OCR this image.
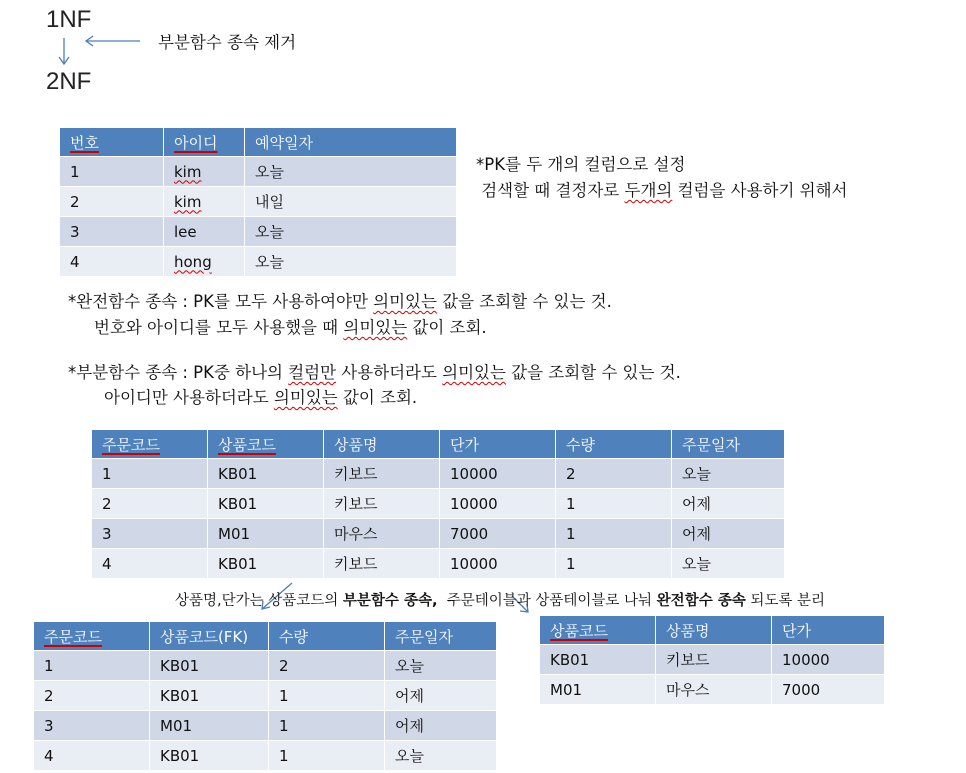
1NF
2NF
부분함수 종속 제거
번호	아이디	예약일자
1	kim	오늘
2	kim	내일
3	lee	오늘
4	hong	오늘
*PK를 두 개의 컬럼으로 설정
검색할 때 결정자로 두개의 컬럼을 사용하기 위해서
*완전함수 종속 : PK를 모두 사용하여야만 의미있는 값을 조회할 수 있는 것.
번호와 아이디를 모두 사용했을 때 의미있는 값이 조회.
*부분함수 종속 : PK중 하나의 컬럼만 사용하더라도 의미있는 값을 조회할 수 있는 것.
아이디만 사용하더라도 의미있는 값이 조회.
주문코드	상품코드	상품명	단가	수량	주문일자
1	KB01	키보드	10000	2	오늘
2	KB01	키보드	10000	1	어제
3	M01	마우스	7000	1	어제
4	KB01	키보드	10000	1	오늘
상품명,단가는 상품코드의 부분함수 종속,  주문테이블과 상품테이블로 나눠 완전함수 종속 되도록 분리
주문코드	상품코드(FK)	수량	주문일자
1	KB01	2	오늘
2	KB01	1	어제
3	M01	1	어제
4	KB01	1	오늘
상품코드	상품명	단가
KB01	키보드	10000
M01	마우스	7000
